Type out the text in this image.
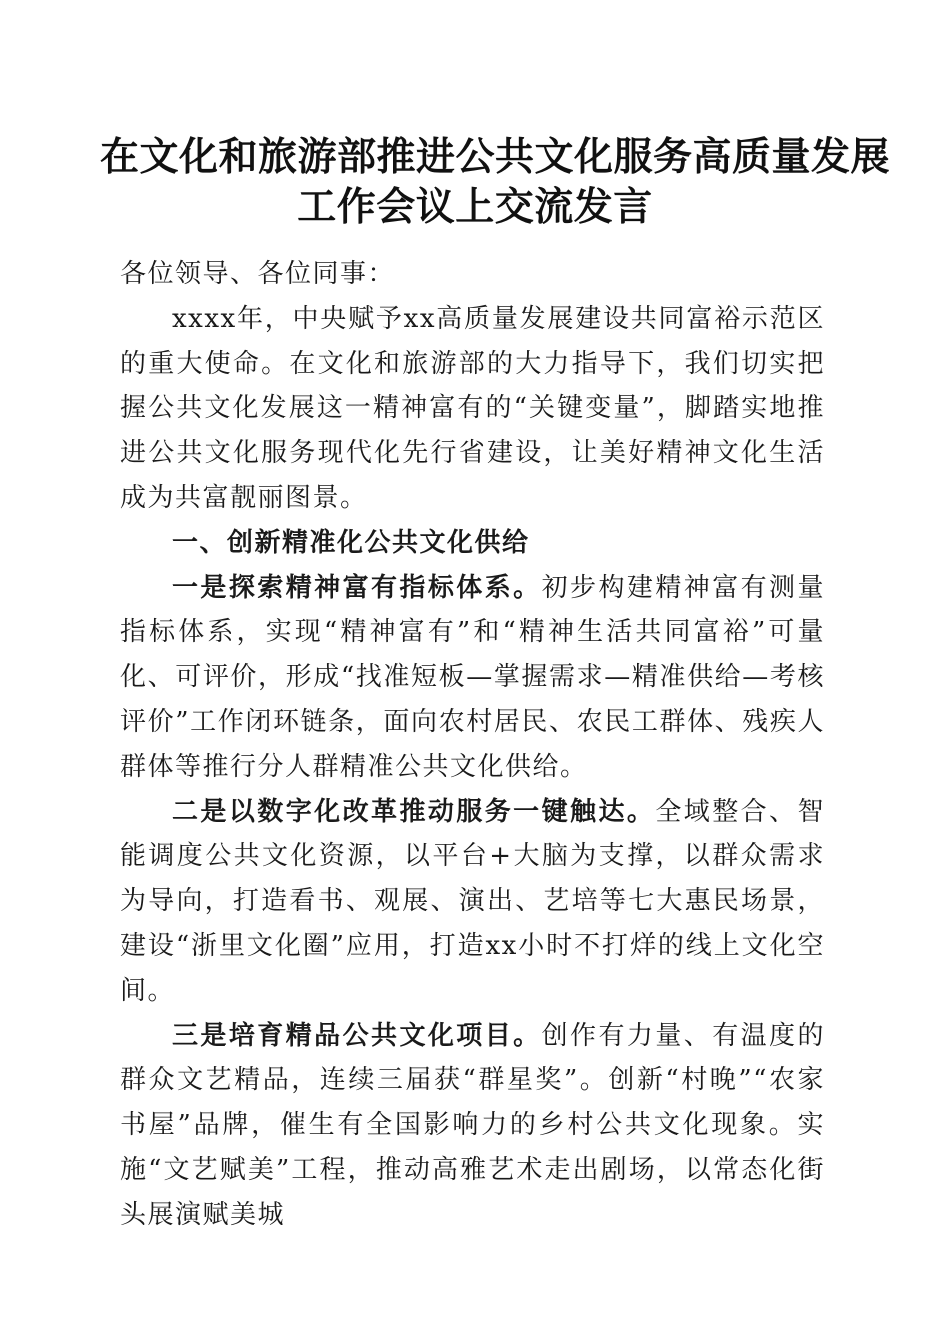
在文化和旅游部推进公共文化服务高质量发展
工作会议上交流发言

各位领导、各位同事：

xxxx年，中央赋予xx高质量发展建设共同富裕示范区的重大使命。在文化和旅游部的大力指导下，我们切实把握公共文化发展这一精神富有的“关键变量”，脚踏实地推进公共文化服务现代化先行省建设，让美好精神文化生活成为共富靓丽图景。

一、创新精准化公共文化供给

一是探索精神富有指标体系。初步构建精神富有测量指标体系，实现“精神富有”和“精神生活共同富裕”可量化、可评价，形成“找准短板—掌握需求—精准供给—考核评价”工作闭环链条，面向农村居民、农民工群体、残疾人群体等推行分人群精准公共文化供给。

二是以数字化改革推动服务一键触达。全域整合、智能调度公共文化资源，以平台+大脑为支撑，以群众需求为导向，打造看书、观展、演出、艺培等七大惠民场景，建设“浙里文化圈”应用，打造xx小时不打烊的线上文化空间。

三是培育精品公共文化项目。创作有力量、有温度的群众文艺精品，连续三届获“群星奖”。创新“村晚”“农家书屋”品牌，催生有全国影响力的乡村公共文化现象。实施“文艺赋美”工程，推动高雅艺术走出剧场，以常态化街头展演赋美城
